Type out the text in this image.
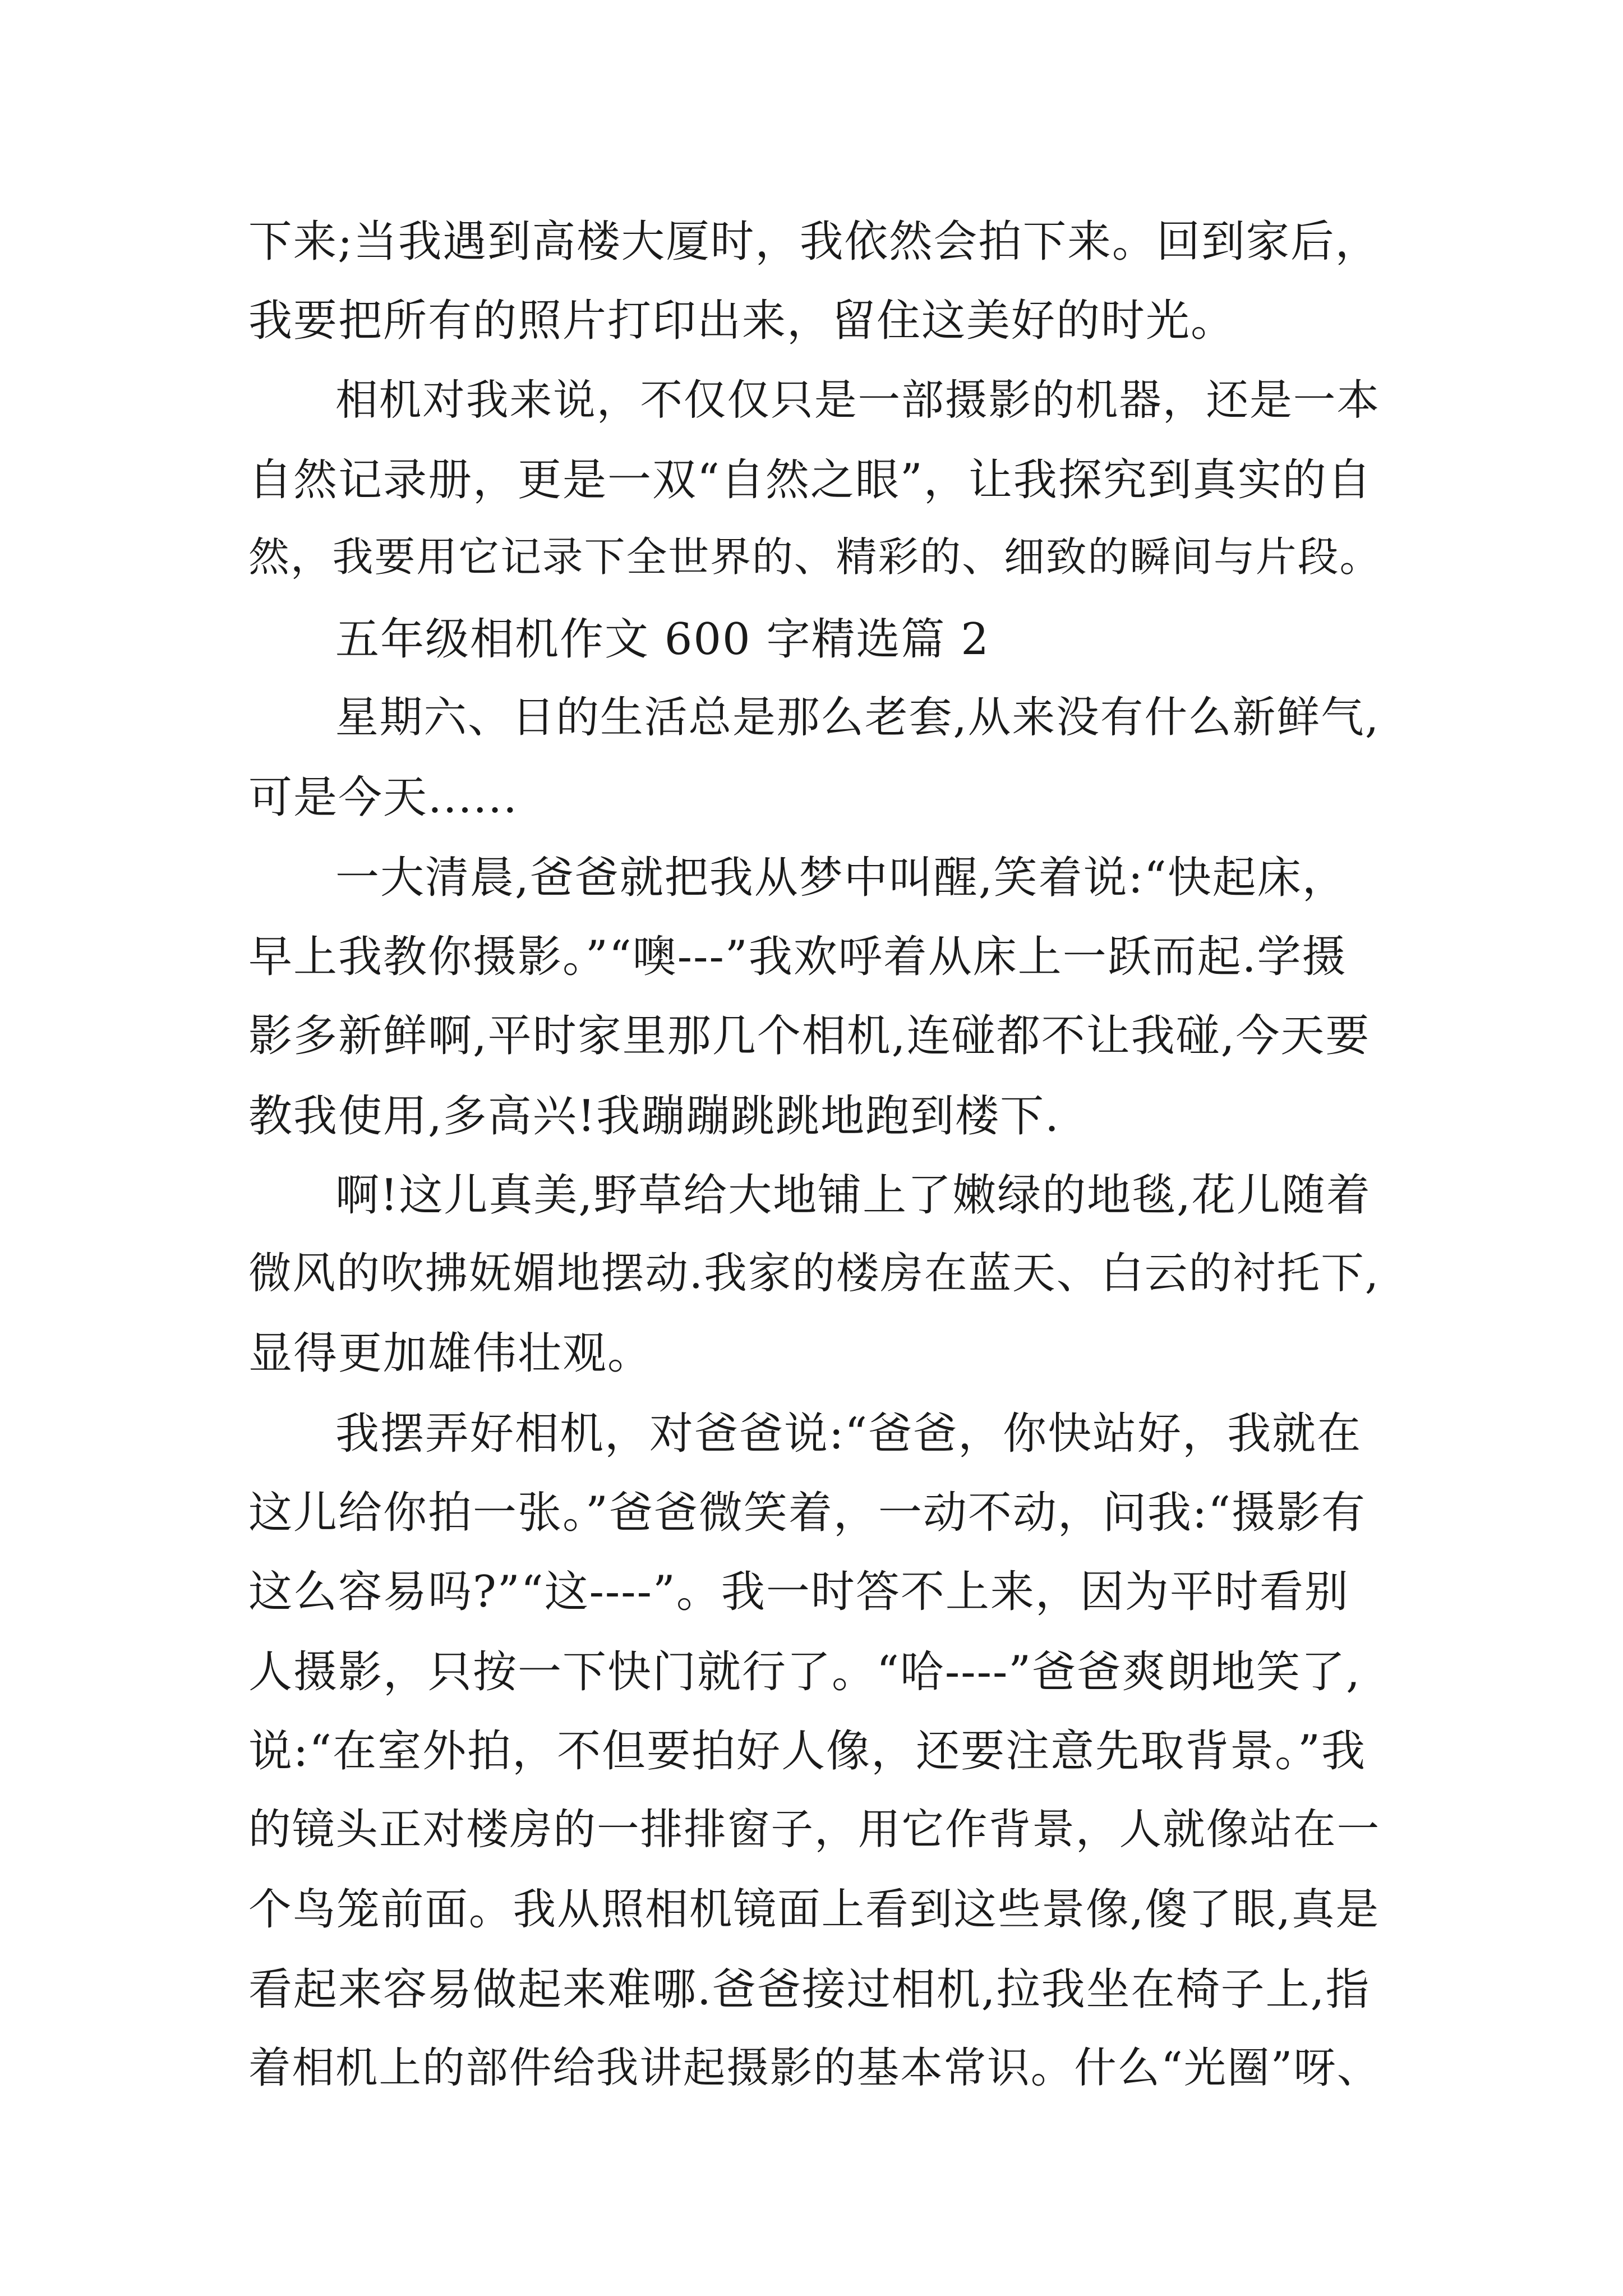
下来;当我遇到高楼大厦时，我依然会拍下来。回到家后，
我要把所有的照片打印出来，留住这美好的时光。
相机对我来说，不仅仅只是一部摄影的机器，还是一本
自然记录册，更是一双“自然之眼”，让我探究到真实的自
然，我要用它记录下全世界的、精彩的、细致的瞬间与片段。
五年级相机作文 600 字精选篇 2
星期六、日的生活总是那么老套,从来没有什么新鲜气,
可是今天......
一大清晨,爸爸就把我从梦中叫醒,笑着说:“快起床，
早上我教你摄影。”“噢---”我欢呼着从床上一跃而起.学摄
影多新鲜啊,平时家里那几个相机,连碰都不让我碰,今天要
教我使用,多高兴!我蹦蹦跳跳地跑到楼下.
啊!这儿真美,野草给大地铺上了嫩绿的地毯,花儿随着
微风的吹拂妩媚地摆动.我家的楼房在蓝天、白云的衬托下,
显得更加雄伟壮观。
我摆弄好相机，对爸爸说:“爸爸，你快站好，我就在
这儿给你拍一张。”爸爸微笑着，一动不动，问我:“摄影有
这么容易吗?”“这----”。我一时答不上来，因为平时看别
人摄影，只按一下快门就行了。“哈----”爸爸爽朗地笑了,
说:“在室外拍，不但要拍好人像，还要注意先取背景。”我
的镜头正对楼房的一排排窗子，用它作背景，人就像站在一
个鸟笼前面。我从照相机镜面上看到这些景像,傻了眼,真是
看起来容易做起来难哪.爸爸接过相机,拉我坐在椅子上,指
着相机上的部件给我讲起摄影的基本常识。什么“光圈”呀、
